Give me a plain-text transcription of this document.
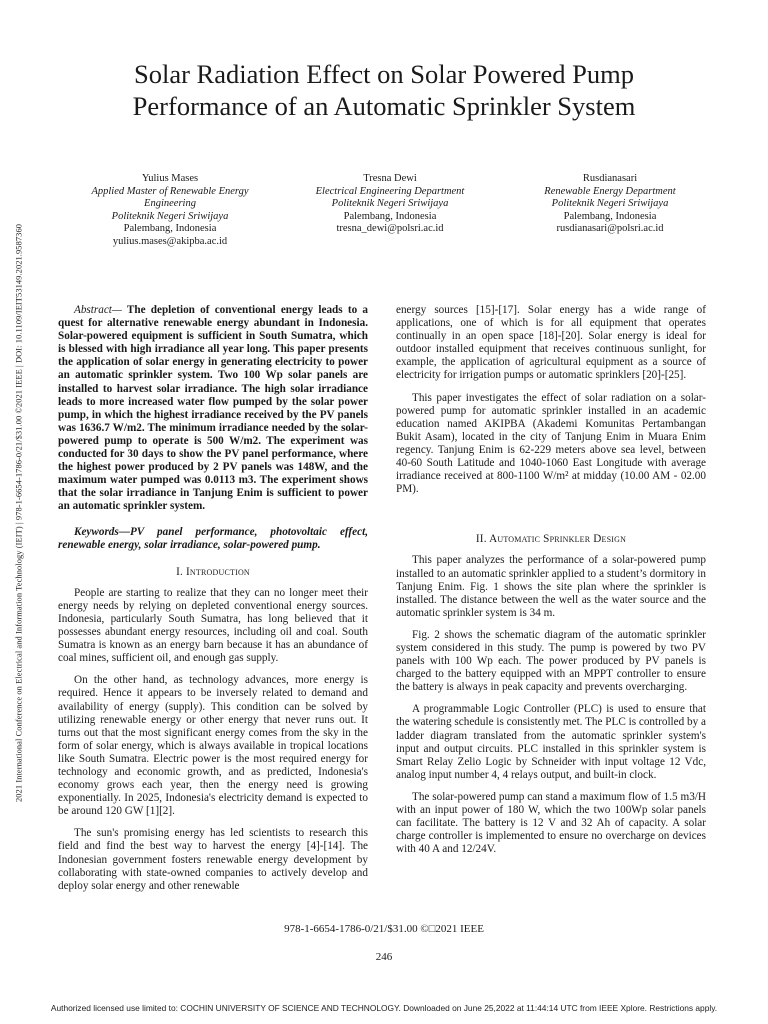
2021 International Conference on Electrical and Information Technology (IEIT) | 978-1-6654-1786-0/21/$31.00 ©2021 IEEE | DOI: 10.1109/IEIT53149.2021.9587360
Solar Radiation Effect on Solar Powered Pump
Performance of an Automatic Sprinkler System
Yulius Mases
Applied Master of Renewable Energy
Engineering
Politeknik Negeri Sriwijaya
Palembang, Indonesia
yulius.mases@akipba.ac.id
Tresna Dewi
Electrical Engineering Department
Politeknik Negeri Sriwijaya
Palembang, Indonesia
tresna_dewi@polsri.ac.id
Rusdianasari
Renewable Energy Department
Politeknik Negeri Sriwijaya
Palembang, Indonesia
rusdianasari@polsri.ac.id

Abstract— The depletion of conventional energy leads to a quest for alternative renewable energy abundant in Indonesia. Solar-powered equipment is sufficient in South Sumatra, which is blessed with high irradiance all year long. This paper presents the application of solar energy in generating electricity to power an automatic sprinkler system. Two 100 Wp solar panels are installed to harvest solar irradiance. The high solar irradiance leads to more increased water flow pumped by the solar power pump, in which the highest irradiance received by the PV panels was 1636.7 W/m2. The minimum irradiance needed by the solar-powered pump to operate is 500 W/m2. The experiment was conducted for 30 days to show the PV panel performance, where the highest power produced by 2 PV panels was 148W, and the maximum water pumped was 0.0113 m3. The experiment shows that the solar irradiance in Tanjung Enim is sufficient to power an automatic sprinkler system.

Keywords—PV panel performance, photovoltaic effect, renewable energy, solar irradiance, solar-powered pump.

I. Introduction

People are starting to realize that they can no longer meet their energy needs by relying on depleted conventional energy sources. Indonesia, particularly South Sumatra, has long believed that it possesses abundant energy resources, including oil and coal. South Sumatra is known as an energy barn because it has an abundance of coal mines, sufficient oil, and enough gas supply.

On the other hand, as technology advances, more energy is required. Hence it appears to be inversely related to demand and availability of energy (supply). This condition can be solved by utilizing renewable energy or other energy that never runs out. It turns out that the most significant energy comes from the sky in the form of solar energy, which is always available in tropical locations like South Sumatra. Electric power is the most required energy for technology and economic growth, and as predicted, Indonesia's economy grows each year, then the energy need is growing exponentially. In 2025, Indonesia's electricity demand is expected to be around 120 GW [1][2].

The sun's promising energy has led scientists to research this field and find the best way to harvest the energy [4]-[14]. The Indonesian government fosters renewable energy development by collaborating with state-owned companies to actively develop and deploy solar energy and other renewable

energy sources [15]-[17]. Solar energy has a wide range of applications, one of which is for all equipment that operates continually in an open space [18]-[20]. Solar energy is ideal for outdoor installed equipment that receives continuous sunlight, for example, the application of agricultural equipment as a source of electricity for irrigation pumps or automatic sprinklers [20]-[25].

This paper investigates the effect of solar radiation on a solar-powered pump for automatic sprinkler installed in an academic education named AKIPBA (Akademi Komunitas Pertambangan Bukit Asam), located in the city of Tanjung Enim in Muara Enim regency. Tanjung Enim is 62-229 meters above sea level, between 40-60 South Latitude and 1040-1060 East Longitude with average irradiance received at 800-1100 W/m² at midday (10.00 AM - 02.00 PM).

II. Automatic Sprinkler Design

This paper analyzes the performance of a solar-powered pump installed to an automatic sprinkler applied to a student’s dormitory in Tanjung Enim. Fig. 1 shows the site plan where the sprinkler is installed. The distance between the well as the water source and the automatic sprinkler system is 34 m.

Fig. 2 shows the schematic diagram of the automatic sprinkler system considered in this study. The pump is powered by two PV panels with 100 Wp each. The power produced by PV panels is charged to the battery equipped with an MPPT controller to ensure the battery is always in peak capacity and prevents overcharging.

A programmable Logic Controller (PLC) is used to ensure that the watering schedule is consistently met. The PLC is controlled by a ladder diagram translated from the automatic sprinkler system's input and output circuits. PLC installed in this sprinkler system is Smart Relay Zelio Logic by Schneider with input voltage 12 Vdc, analog input number 4, 4 relays output, and built-in clock.

The solar-powered pump can stand a maximum flow of 1.5 m3/H with an input power of 180 W, which the two 100Wp solar panels can facilitate. The battery is 12 V and 32 Ah of capacity. A solar charge controller is implemented to ensure no overcharge on devices with 40 A and 12/24V.

978-1-6654-1786-0/21/$31.00 ©□2021 IEEE
246
Authorized licensed use limited to: COCHIN UNIVERSITY OF SCIENCE AND TECHNOLOGY. Downloaded on June 25,2022 at 11:44:14 UTC from IEEE Xplore. Restrictions apply.
